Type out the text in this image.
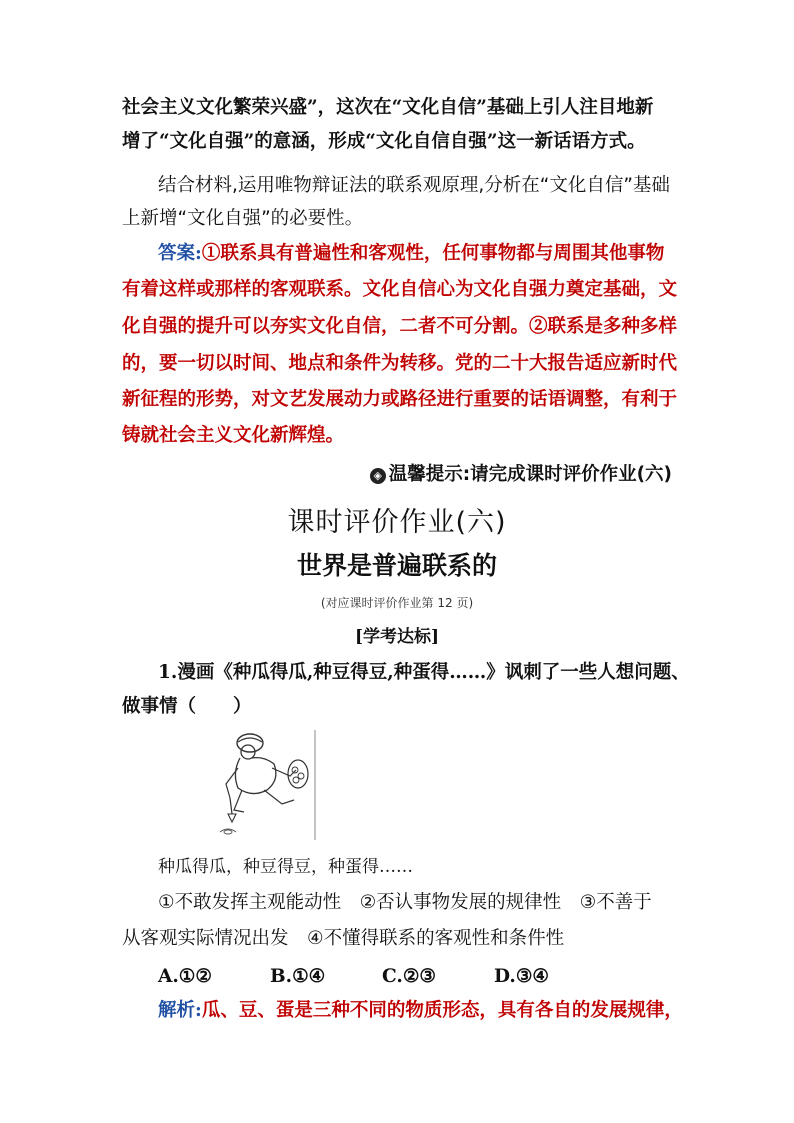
社会主义文化繁荣兴盛”，这次在“文化自信”基础上引人注目地新
增了“文化自强”的意涵，形成“文化自信自强”这一新话语方式。
结合材料,运用唯物辩证法的联系观原理,分析在“文化自信”基础
上新增“文化自强”的必要性。
答案:①联系具有普遍性和客观性，任何事物都与周围其他事物
有着这样或那样的客观联系。文化自信心为文化自强力奠定基础，文
化自强的提升可以夯实文化自信，二者不可分割。②联系是多种多样
的，要一切以时间、地点和条件为转移。党的二十大报告适应新时代
新征程的形势，对文艺发展动力或路径进行重要的话语调整，有利于
铸就社会主义文化新辉煌。
◈ 温馨提示:请完成课时评价作业(六)
课时评价作业(六)
世界是普遍联系的
(对应课时评价作业第 12 页)
[学考达标]
1.漫画《种瓜得瓜,种豆得豆,种蛋得……》讽刺了一些人想问题、
做事情（　　）
种瓜得瓜，种豆得豆，种蛋得……
①不敢发挥主观能动性　②否认事物发展的规律性　③不善于
从客观实际情况出发　④不懂得联系的客观性和条件性
A.①②	B.①④	C.②③	D.③④
解析:瓜、豆、蛋是三种不同的物质形态，具有各自的发展规律，
